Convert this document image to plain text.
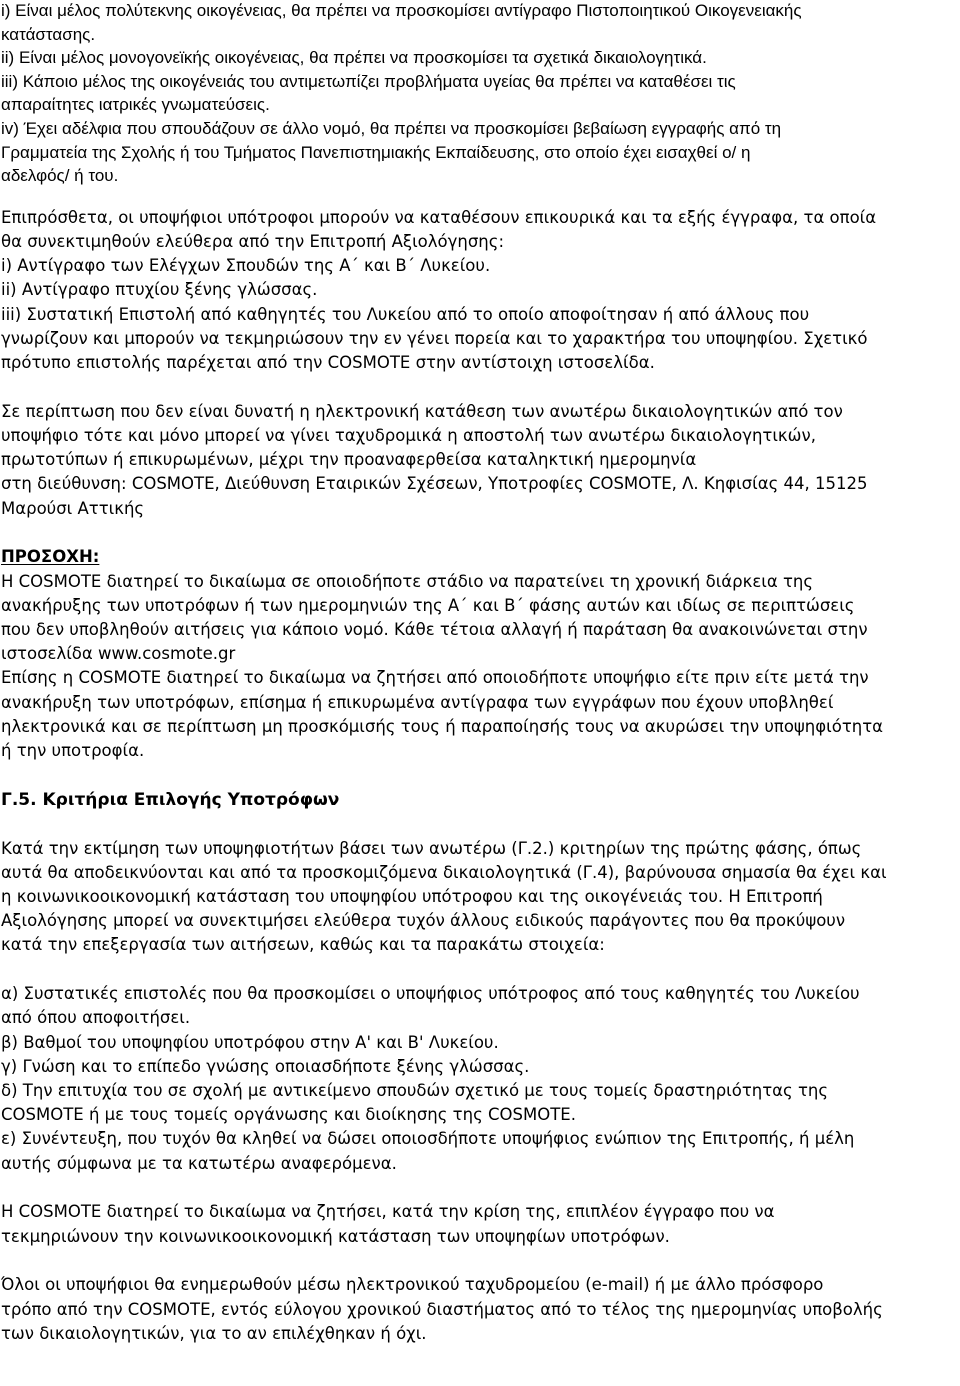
i) Είναι μέλος πολύτεκνης οικογένειας, θα πρέπει να προσκομίσει αντίγραφο Πιστοποιητικού Οικογενειακής

κατάστασης.

ii) Είναι μέλος μονογονεϊκής οικογένειας, θα πρέπει να προσκομίσει τα σχετικά δικαιολογητικά.

iii) Κάποιο μέλος της οικογένειάς του αντιμετωπίζει προβλήματα υγείας θα πρέπει να καταθέσει τις

απαραίτητες ιατρικές γνωματεύσεις.

iv) Έχει αδέλφια που σπουδάζουν σε άλλο νομό, θα πρέπει να προσκομίσει βεβαίωση εγγραφής από τη

Γραμματεία της Σχολής ή του Τμήματος Πανεπιστημιακής Εκπαίδευσης, στο οποίο έχει εισαχθεί ο/ η

αδελφός/ ή του.

Επιπρόσθετα, οι υποψήφιοι υπότροφοι μπορούν να καταθέσουν επικουρικά και τα εξής έγγραφα, τα οποία

θα συνεκτιμηθούν ελεύθερα από την Επιτροπή Αξιολόγησης:

i) Αντίγραφο των Ελέγχων Σπουδών της Α΄ και Β΄ Λυκείου.

ii) Αντίγραφο πτυχίου ξένης γλώσσας.

iii) Συστατική Επιστολή από καθηγητές του Λυκείου από το οποίο αποφοίτησαν ή από άλλους που

γνωρίζουν και μπορούν να τεκμηριώσουν την εν γένει πορεία και το χαρακτήρα του υποψηφίου. Σχετικό

πρότυπο επιστολής παρέχεται από την COSMOTE στην αντίστοιχη ιστοσελίδα.

Σε περίπτωση που δεν είναι δυνατή η ηλεκτρονική κατάθεση των ανωτέρω δικαιολογητικών από τον

υποψήφιο τότε και μόνο μπορεί να γίνει ταχυδρομικά η αποστολή των ανωτέρω δικαιολογητικών,

πρωτοτύπων ή επικυρωμένων, μέχρι την προαναφερθείσα καταληκτική ημερομηνία

στη διεύθυνση: COSMOTE, Διεύθυνση Εταιρικών Σχέσεων, Υποτροφίες COSMOTE, Λ. Κηφισίας 44, 15125

Μαρούσι Αττικής

ΠΡΟΣΟΧΗ:

Η COSMOTE διατηρεί το δικαίωμα σε οποιοδήποτε στάδιο να παρατείνει τη χρονική διάρκεια της

ανακήρυξης των υποτρόφων ή των ημερομηνιών της Α΄ και Β΄ φάσης αυτών και ιδίως σε περιπτώσεις

που δεν υποβληθούν αιτήσεις για κάποιο νομό. Κάθε τέτοια αλλαγή ή παράταση θα ανακοινώνεται στην

ιστοσελίδα www.cosmote.gr

Επίσης η COSMOTE διατηρεί το δικαίωμα να ζητήσει από οποιοδήποτε υποψήφιο είτε πριν είτε μετά την

ανακήρυξη των υποτρόφων, επίσημα ή επικυρωμένα αντίγραφα των εγγράφων που έχουν υποβληθεί

ηλεκτρονικά και σε περίπτωση μη προσκόμισής τους ή παραποίησής τους να ακυρώσει την υποψηφιότητα

ή την υποτροφία.

Γ.5. Κριτήρια Επιλογής Υποτρόφων

Κατά την εκτίμηση των υποψηφιοτήτων βάσει των ανωτέρω (Γ.2.) κριτηρίων της πρώτης φάσης, όπως

αυτά θα αποδεικνύονται και από τα προσκομιζόμενα δικαιολογητικά (Γ.4), βαρύνουσα σημασία θα έχει και

η κοινωνικοοικονομική κατάσταση του υποψηφίου υπότροφου και της οικογένειάς του. Η Επιτροπή

Αξιολόγησης μπορεί να συνεκτιμήσει ελεύθερα τυχόν άλλους ειδικούς παράγοντες που θα προκύψουν

κατά την επεξεργασία των αιτήσεων, καθώς και τα παρακάτω στοιχεία:

α) Συστατικές επιστολές που θα προσκομίσει ο υποψήφιος υπότροφος από τους καθηγητές του Λυκείου

από όπου αποφοιτήσει.

β) Βαθμοί του υποψηφίου υποτρόφου στην Α' και Β' Λυκείου.

γ) Γνώση και το επίπεδο γνώσης οποιασδήποτε ξένης γλώσσας.

δ) Την επιτυχία του σε σχολή με αντικείμενο σπουδών σχετικό με τους τομείς δραστηριότητας της

COSMOTE ή με τους τομείς οργάνωσης και διοίκησης της COSMOTE.

ε) Συνέντευξη, που τυχόν θα κληθεί να δώσει οποιοσδήποτε υποψήφιος ενώπιον της Επιτροπής, ή μέλη

αυτής σύμφωνα με τα κατωτέρω αναφερόμενα.

Η COSMOTE διατηρεί το δικαίωμα να ζητήσει, κατά την κρίση της, επιπλέον έγγραφο που να

τεκμηριώνουν την κοινωνικοοικονομική κατάσταση των υποψηφίων υποτρόφων.

Όλοι οι υποψήφιοι θα ενημερωθούν μέσω ηλεκτρονικού ταχυδρομείου (e-mail) ή με άλλο πρόσφορο

τρόπο από την COSMOTE, εντός εύλογου χρονικού διαστήματος από το τέλος της ημερομηνίας υποβολής

των δικαιολογητικών, για το αν επιλέχθηκαν ή όχι.
